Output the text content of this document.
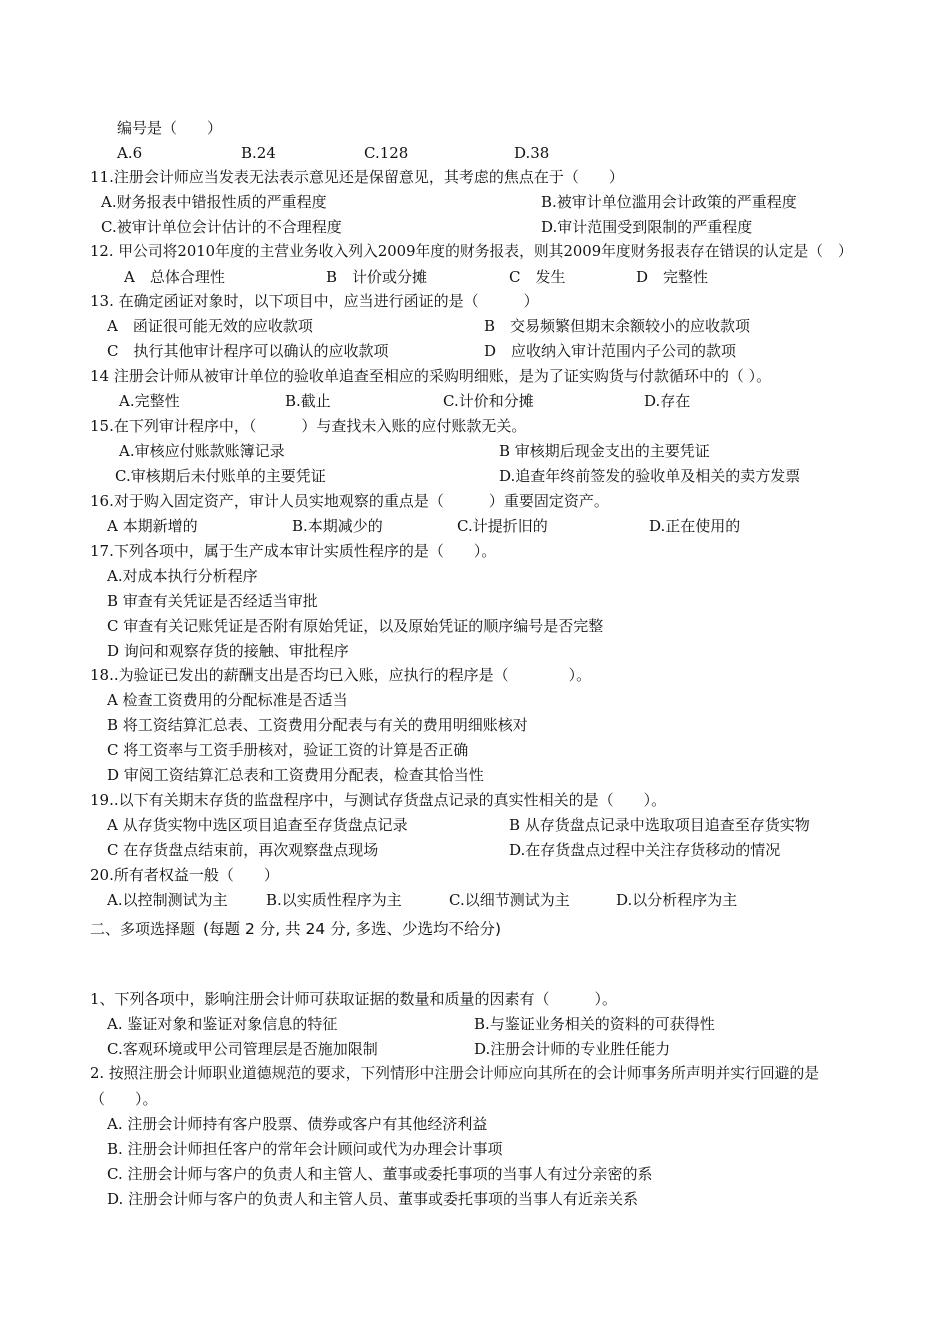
编号是（　　）
A.6	B.24	C.128	D.38
11.注册会计师应当发表无法表示意见还是保留意见，其考虑的焦点在于（　　）
A.财务报表中错报性质的严重程度	B.被审计单位滥用会计政策的严重程度
C.被审计单位会计估计的不合理程度	D.审计范围受到限制的严重程度
12. 甲公司将2010年度的主营业务收入列入2009年度的财务报表，则其2009年度财务报表存在错误的认定是（　）
A　总体合理性	B　计价或分摊	C　发生	D　完整性
13. 在确定函证对象时，以下项目中，应当进行函证的是（　　　）
A　函证很可能无效的应收款项	B　交易频繁但期末余额较小的应收款项
C　执行其他审计程序可以确认的应收款项	D　应收纳入审计范围内子公司的款项
14 注册会计师从被审计单位的验收单追查至相应的采购明细账，是为了证实购货与付款循环中的（ ）。
A.完整性	B.截止	C.计价和分摊	D.存在
15.在下列审计程序中，（　　　）与查找未入账的应付账款无关。
A.审核应付账款账簿记录	B 审核期后现金支出的主要凭证
C.审核期后未付账单的主要凭证	D.追查年终前签发的验收单及相关的卖方发票
16.对于购入固定资产，审计人员实地观察的重点是（　　　）重要固定资产。
A 本期新增的	B.本期减少的	C.计提折旧的	D.正在使用的
17.下列各项中，属于生产成本审计实质性程序的是（　　）。
A.对成本执行分析程序
B 审查有关凭证是否经适当审批
C 审查有关记账凭证是否附有原始凭证，以及原始凭证的顺序编号是否完整
D 询问和观察存货的接触、审批程序
18..为验证已发出的薪酬支出是否均已入账，应执行的程序是（　　　　）。
A 检查工资费用的分配标准是否适当
B 将工资结算汇总表、工资费用分配表与有关的费用明细账核对
C 将工资率与工资手册核对，验证工资的计算是否正确
D 审阅工资结算汇总表和工资费用分配表，检查其恰当性
19..以下有关期末存货的监盘程序中，与测试存货盘点记录的真实性相关的是（　　）。
A 从存货实物中选区项目追查至存货盘点记录	B 从存货盘点记录中选取项目追查至存货实物
C 在存货盘点结束前，再次观察盘点现场	D.在存货盘点过程中关注存货移动的情况
20.所有者权益一般（　　）
A.以控制测试为主	B.以实质性程序为主	C.以细节测试为主	D.以分析程序为主
二、多项选择题 (每题 2 分, 共 24 分, 多选、少选均不给分)
1、下列各项中，影响注册会计师可获取证据的数量和质量的因素有（　　　）。
A. 鉴证对象和鉴证对象信息的特征	B.与鉴证业务相关的资料的可获得性
C.客观环境或甲公司管理层是否施加限制	D.注册会计师的专业胜任能力
2. 按照注册会计师职业道德规范的要求，下列情形中注册会计师应向其所在的会计师事务所声明并实行回避的是
（　　）。
A. 注册会计师持有客户股票、债券或客户有其他经济利益
B. 注册会计师担任客户的常年会计顾问或代为办理会计事项
C. 注册会计师与客户的负责人和主管人、董事或委托事项的当事人有过分亲密的系
D. 注册会计师与客户的负责人和主管人员、董事或委托事项的当事人有近亲关系
